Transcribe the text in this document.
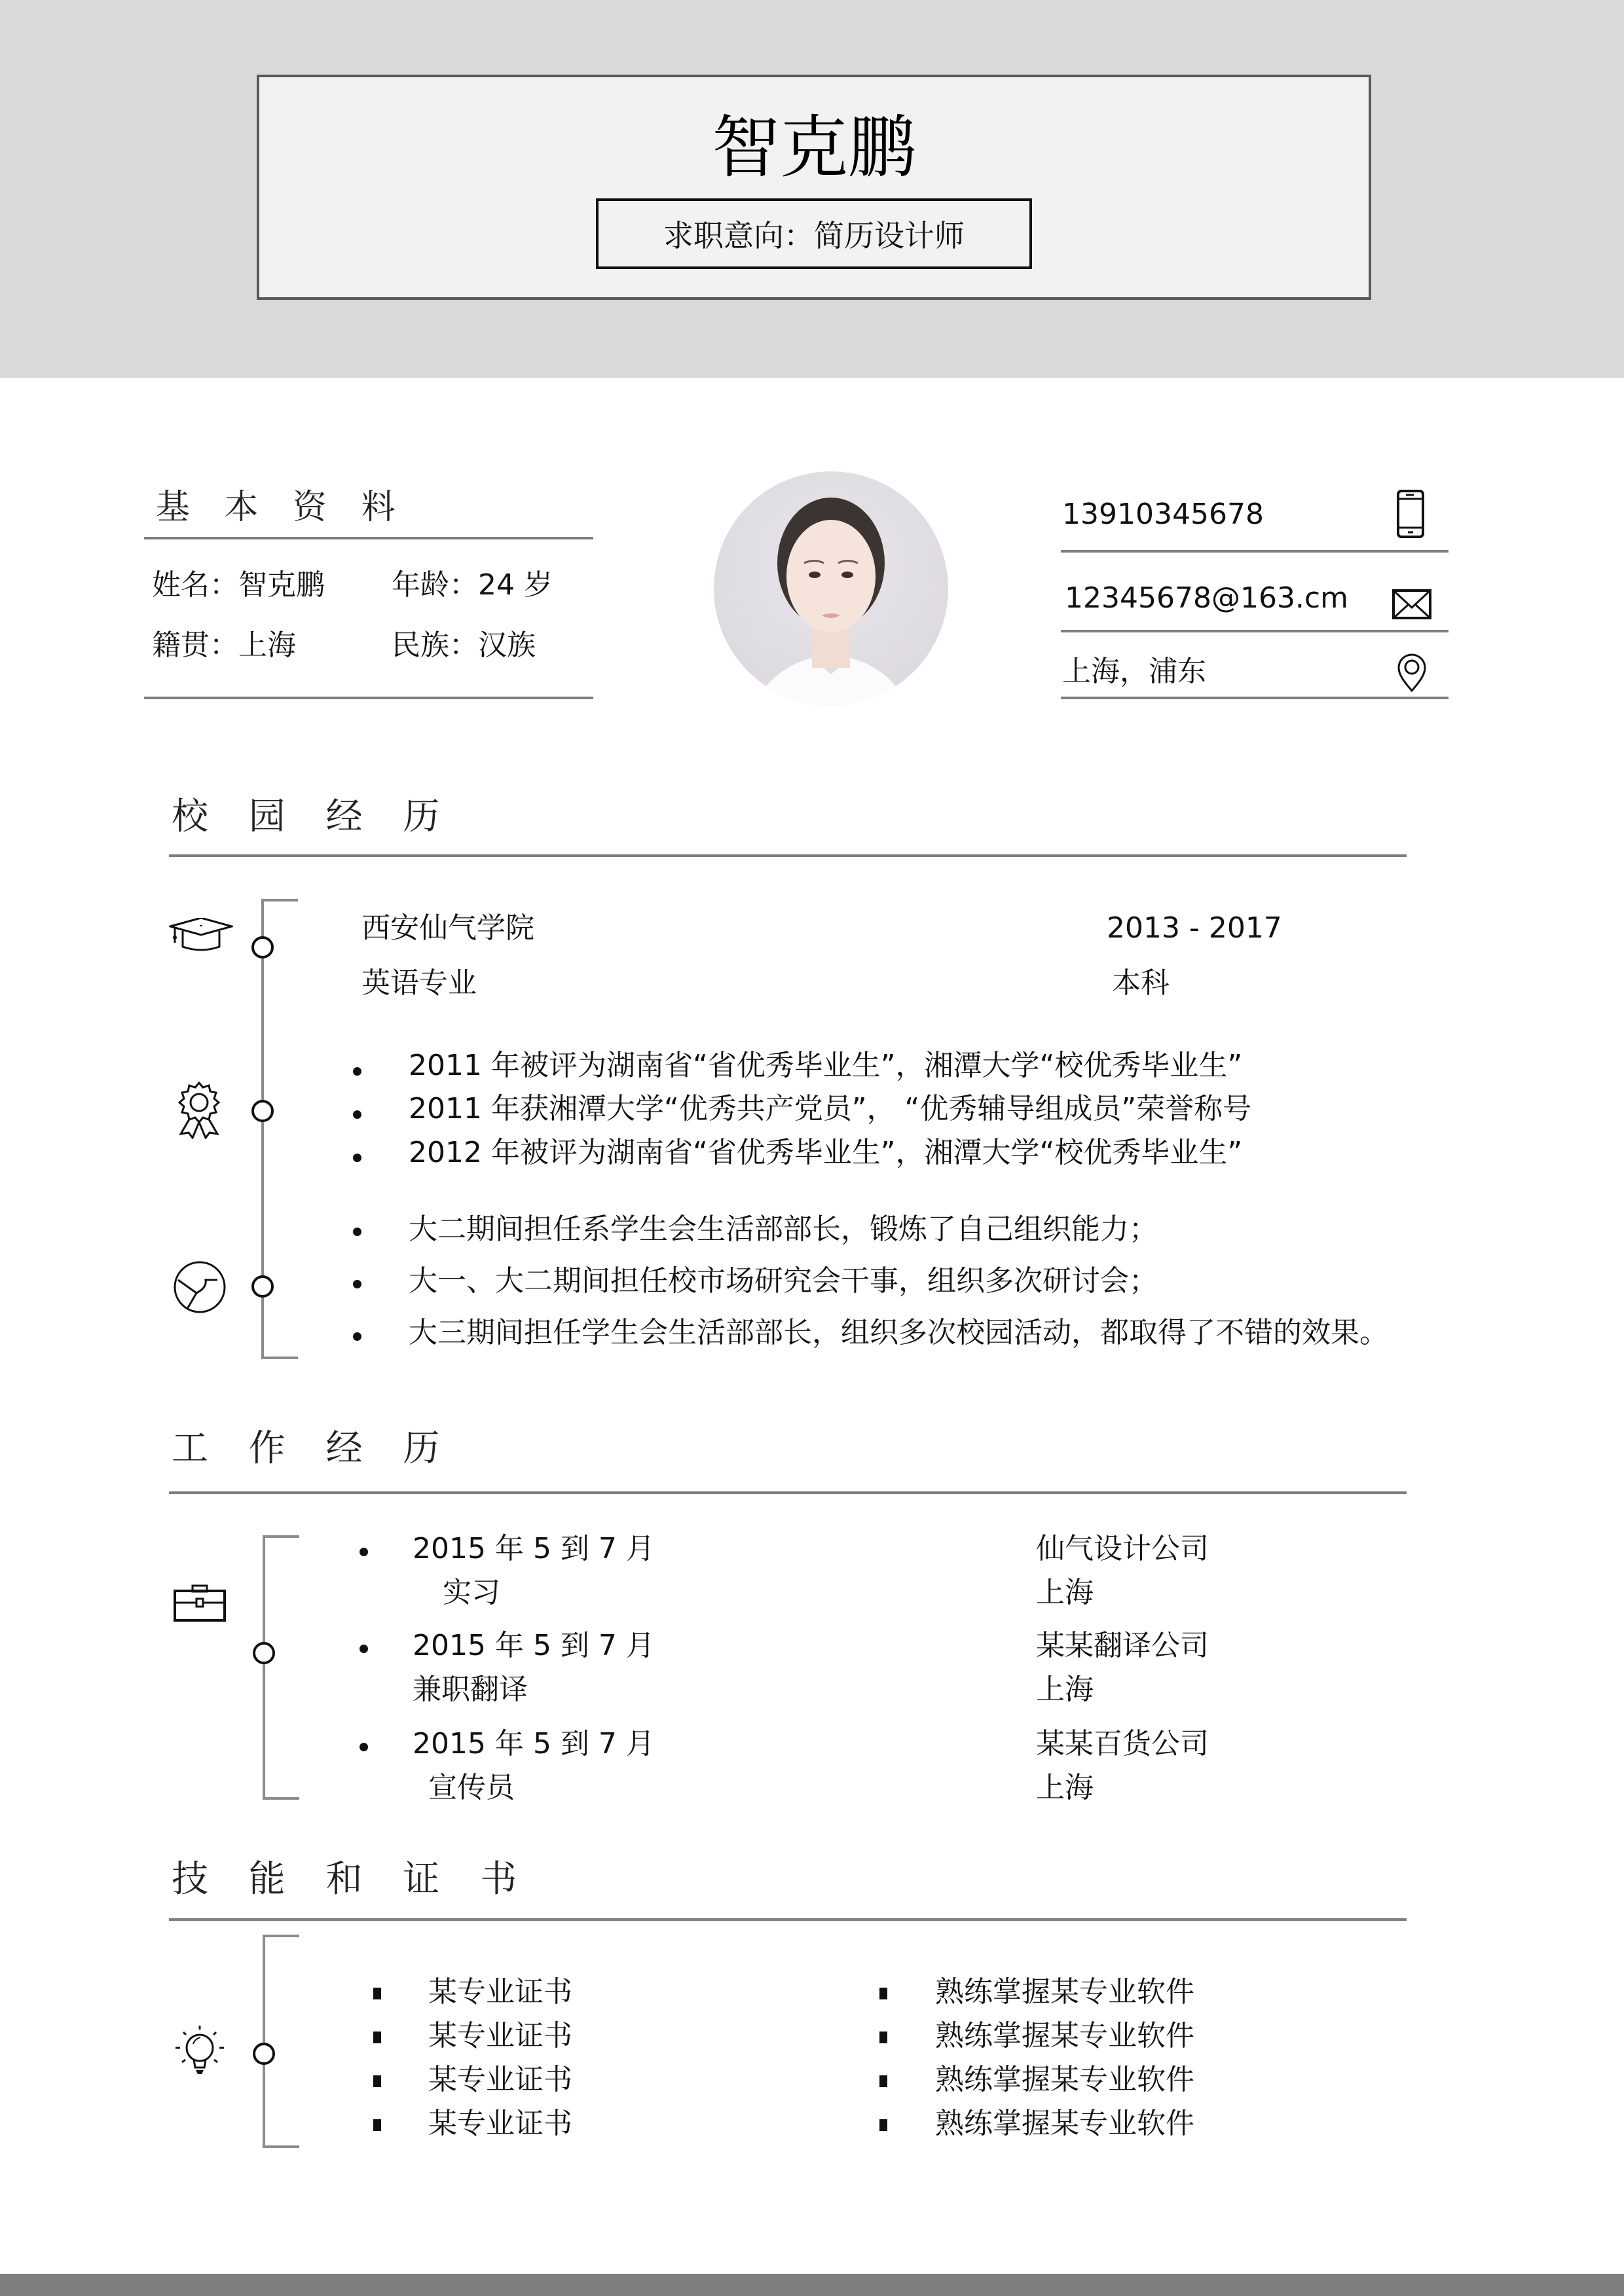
智克鹏
求职意向：简历设计师
基 本 资 料
姓名：智克鹏 年龄：24 岁
籍贯：上海	民族：汉族
13910345678
12345678@163.cm
上海，浦东
校 园 经 历
西安仙气学院	2013 - 2017
英语专业	本科
2011 年被评为湖南省“省优秀毕业生”，湘潭大学“校优秀毕业生”
2011 年获湘潭大学“优秀共产党员”， “优秀辅导组成员”荣誉称号
2012 年被评为湖南省“省优秀毕业生”，湘潭大学“校优秀毕业生”
大二期间担任系学生会生活部部长，锻炼了自己组织能力；
大一、大二期间担任校市场研究会干事，组织多次研讨会；
大三期间担任学生会生活部部长，组织多次校园活动，都取得了不错的效果。
工 作 经 历
2015 年 5 到 7 月
实习
仙气设计公司
上海
2015 年 5 到 7 月
兼职翻译
某某翻译公司
上海
2015 年 5 到 7 月
宣传员
某某百货公司
上海
技 能 和 证 书
某专业证书
某专业证书
某专业证书
某专业证书
熟练掌握某专业软件
熟练掌握某专业软件
熟练掌握某专业软件
熟练掌握某专业软件
